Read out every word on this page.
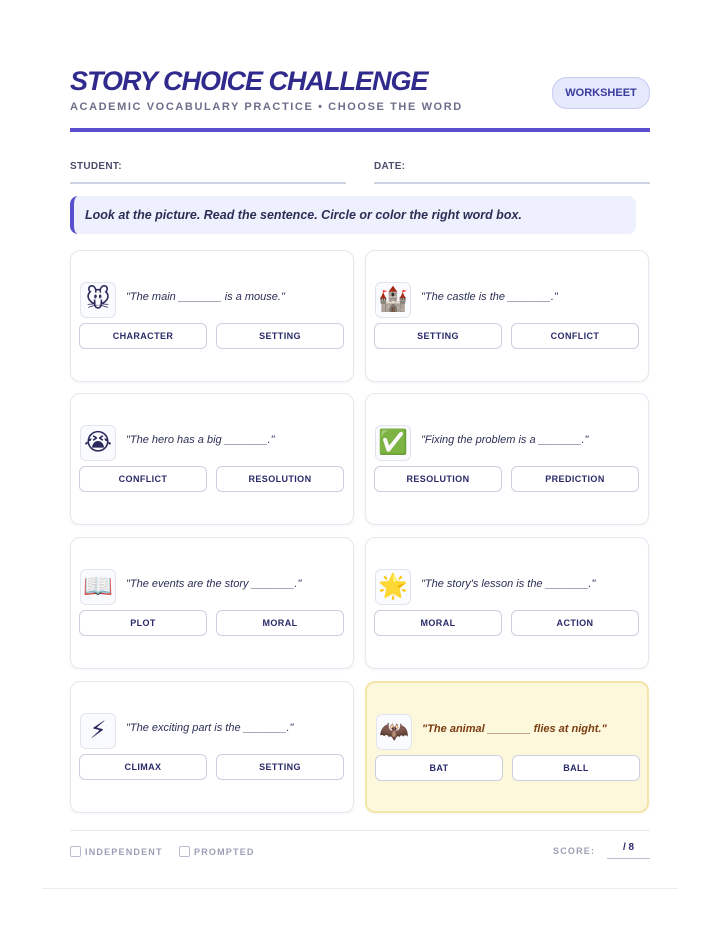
STORY CHOICE CHALLENGE
ACADEMIC VOCABULARY PRACTICE • CHOOSE THE WORD
WORKSHEET
STUDENT:	DATE:
Look at the picture. Read the sentence. Circle or color the right word box.
🐭	"The main _______ is a mouse."
CHARACTER	SETTING
🏰 "The castle is the _______."
SETTING	CONFLICT
😭	"The hero has a big _______."
CONFLICT	RESOLUTION
✅ "Fixing the problem is a _______."
RESOLUTION	PREDICTION
📖 "The events are the story _______."
PLOT	MORAL
🌟 "The story's lesson is the _______."
MORAL	ACTION
⚡	"The exciting part is the _______."
CLIMAX	SETTING
🦇 "The animal _______ flies at night."
BAT	BALL
INDEPENDENT	PROMPTED	SCORE:	/ 8
